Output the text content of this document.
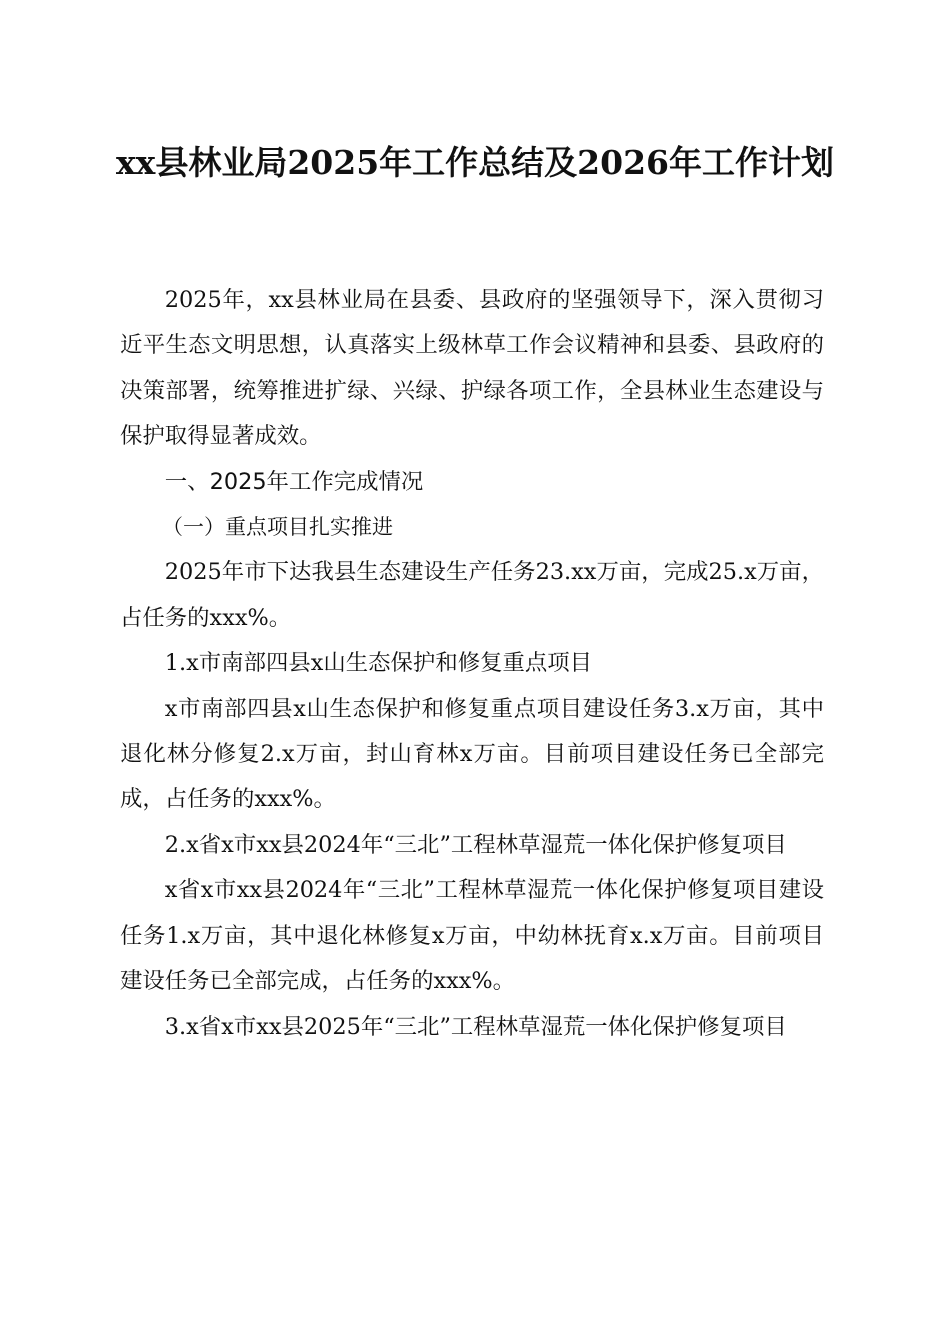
xx县林业局2025年工作总结及2026年工作计划

2025年，xx县林业局在县委、县政府的坚强领导下，深入贯彻习近平生态文明思想，认真落实上级林草工作会议精神和县委、县政府的决策部署，统筹推进扩绿、兴绿、护绿各项工作，全县林业生态建设与保护取得显著成效。

一、2025年工作完成情况

（一）重点项目扎实推进

2025年市下达我县生态建设生产任务23.xx万亩，完成25.x万亩，占任务的xxx%。

1.x市南部四县x山生态保护和修复重点项目

x市南部四县x山生态保护和修复重点项目建设任务3.x万亩，其中退化林分修复2.x万亩，封山育林x万亩。目前项目建设任务已全部完成，占任务的xxx%。

2.x省x市xx县2024年“三北”工程林草湿荒一体化保护修复项目

x省x市xx县2024年“三北”工程林草湿荒一体化保护修复项目建设任务1.x万亩，其中退化林修复x万亩，中幼林抚育x.x万亩。目前项目建设任务已全部完成，占任务的xxx%。

3.x省x市xx县2025年“三北”工程林草湿荒一体化保护修复项目
